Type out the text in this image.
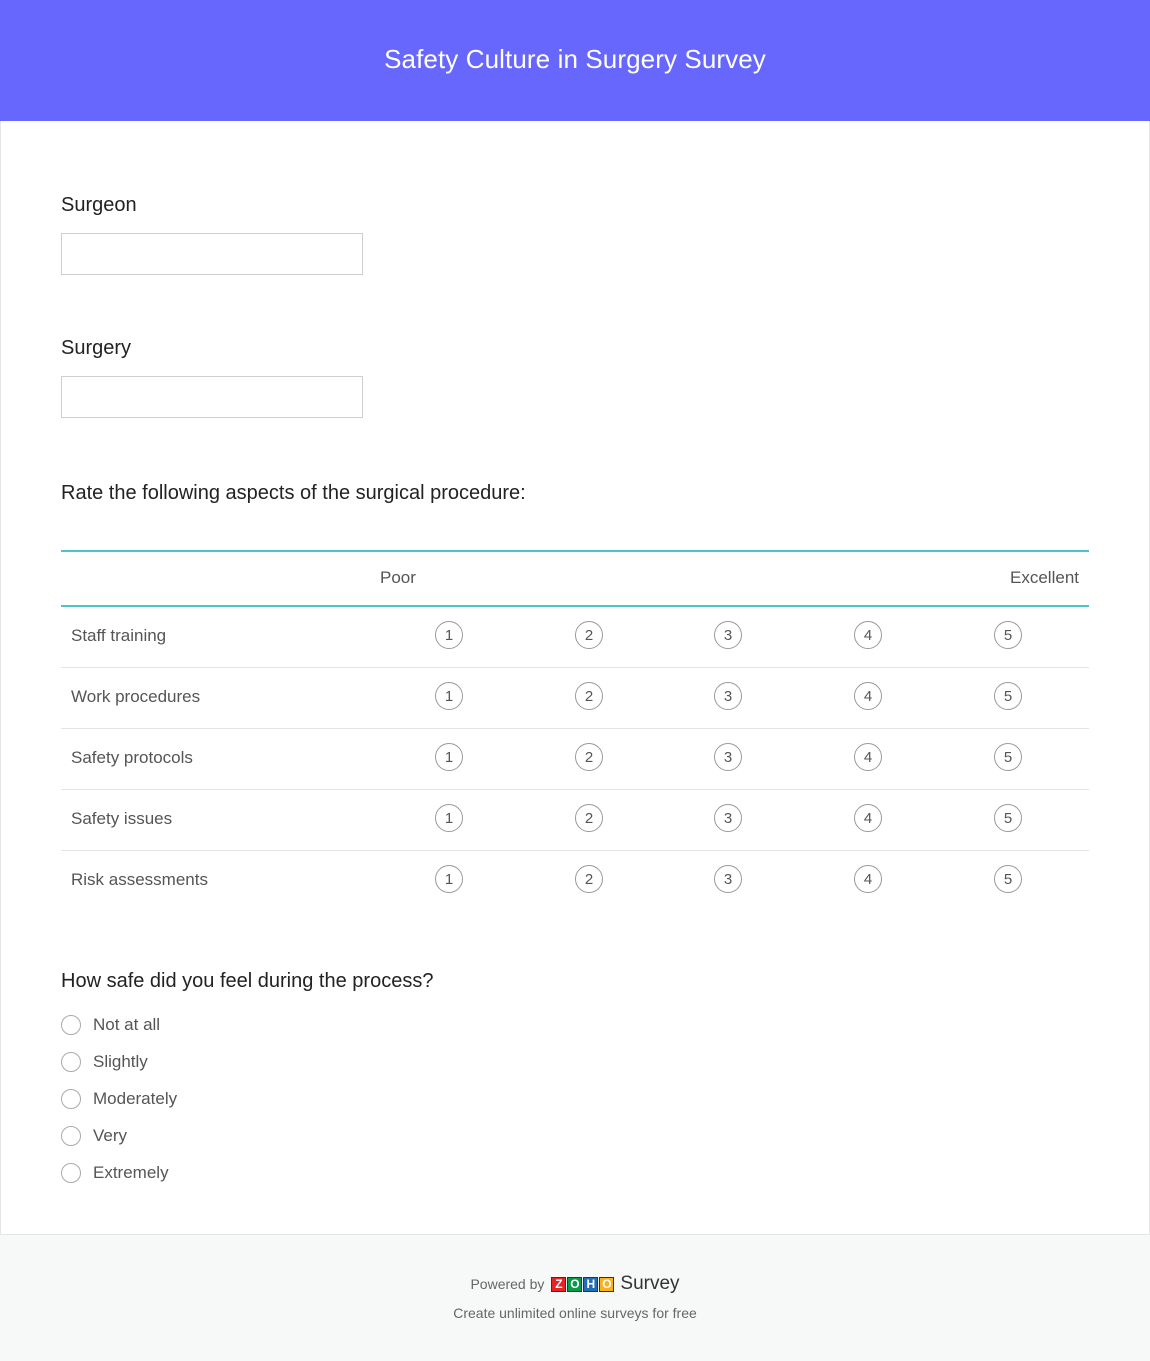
Safety Culture in Surgery Survey
Surgeon
Surgery
Rate the following aspects of the surgical procedure:
Poor	Excellent
Staff training	1	2	3	4	5
Work procedures	1	2	3	4	5
Safety protocols	1	2	3	4	5
Safety issues	1	2	3	4	5
Risk assessments	1	2	3	4	5
How safe did you feel during the process?
Not at all
Slightly
Moderately
Very
Extremely
Powered by Z O H O Survey
Create unlimited online surveys for free
